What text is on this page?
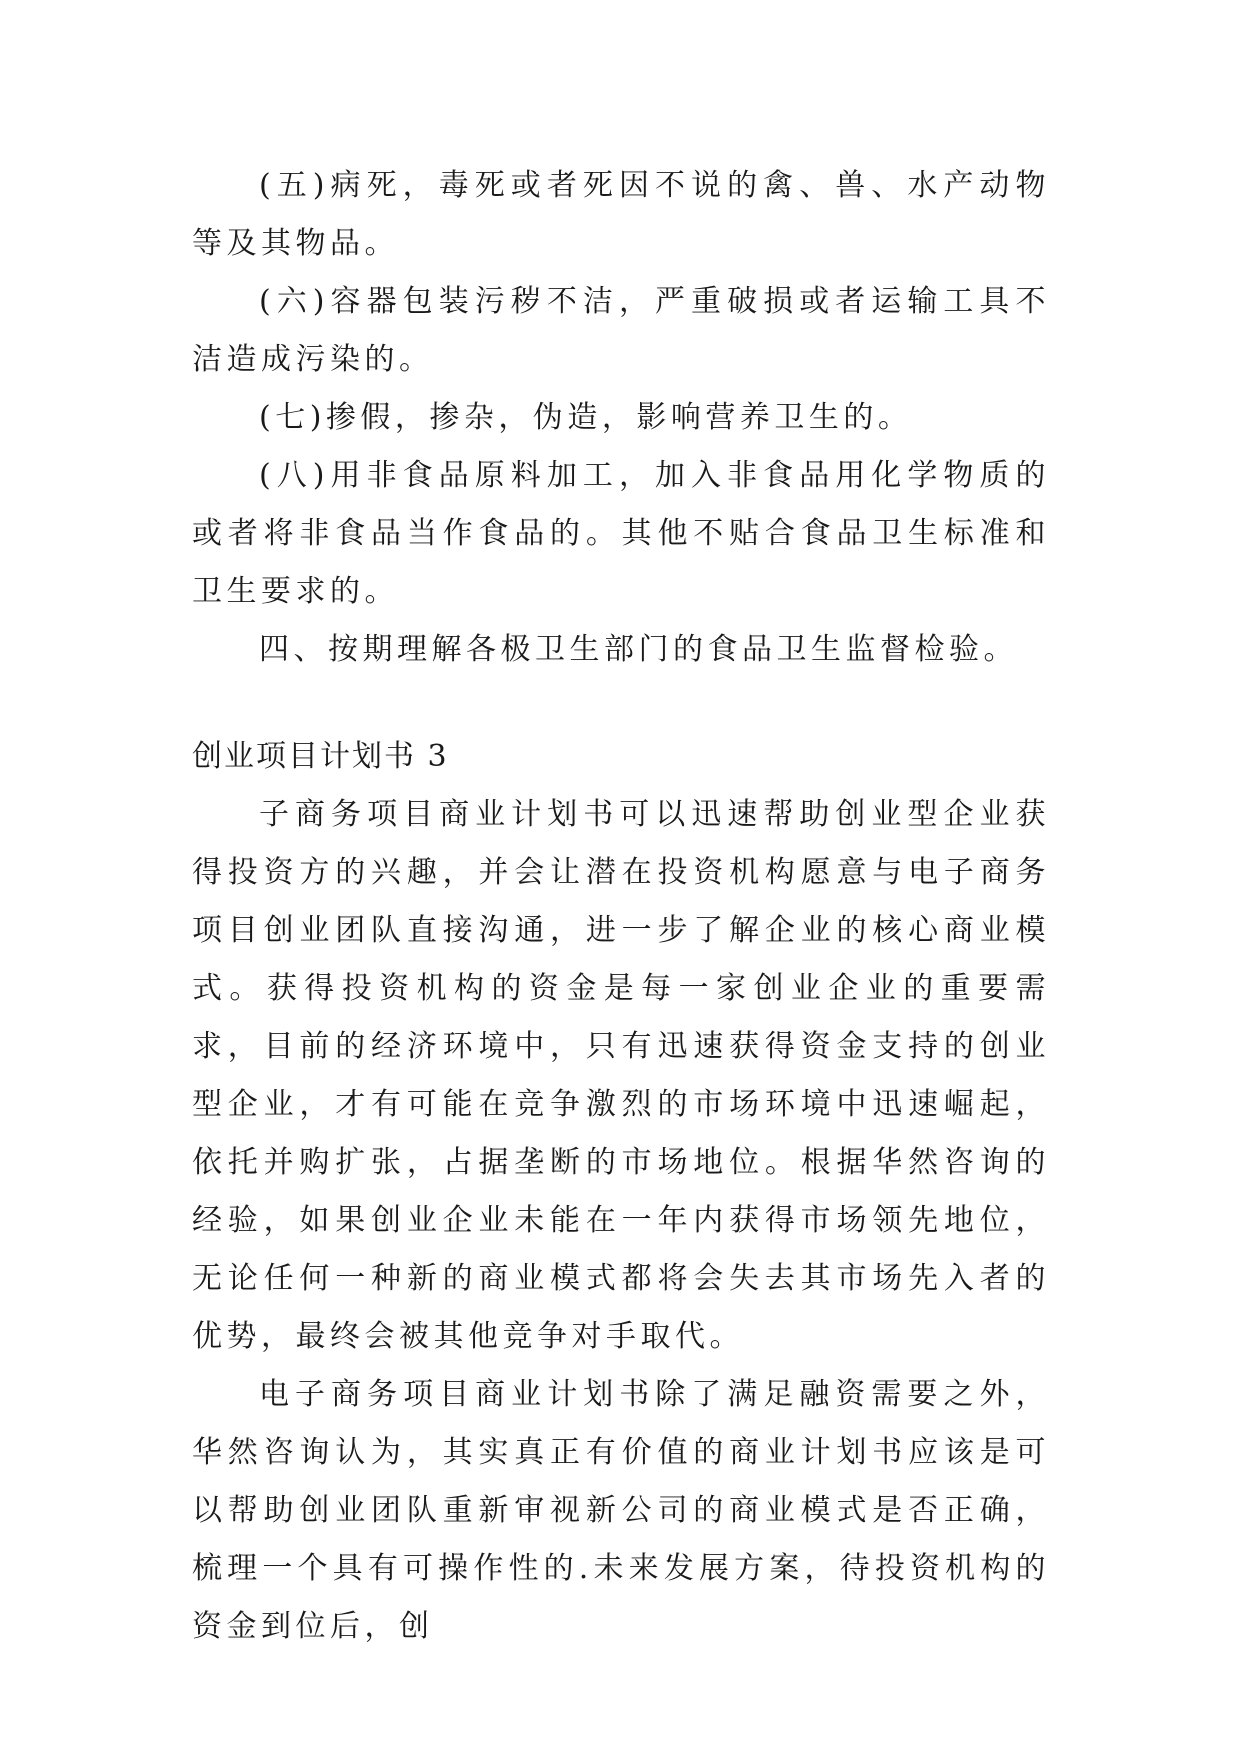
(五)病死，毒死或者死因不说的禽、兽、水产动物等及其物品。

(六)容器包装污秽不洁，严重破损或者运输工具不洁造成污染的。

(七)掺假，掺杂，伪造，影响营养卫生的。

(八)用非食品原料加工，加入非食品用化学物质的或者将非食品当作食品的。其他不贴合食品卫生标准和卫生要求的。

四、按期理解各极卫生部门的食品卫生监督检验。

创业项目计划书 3

子商务项目商业计划书可以迅速帮助创业型企业获得投资方的兴趣，并会让潜在投资机构愿意与电子商务项目创业团队直接沟通，进一步了解企业的核心商业模式。获得投资机构的资金是每一家创业企业的重要需求，目前的经济环境中，只有迅速获得资金支持的创业型企业，才有可能在竞争激烈的市场环境中迅速崛起，依托并购扩张，占据垄断的市场地位。根据华然咨询的经验，如果创业企业未能在一年内获得市场领先地位，无论任何一种新的商业模式都将会失去其市场先入者的优势，最终会被其他竞争对手取代。

电子商务项目商业计划书除了满足融资需要之外，华然咨询认为，其实真正有价值的商业计划书应该是可以帮助创业团队重新审视新公司的商业模式是否正确，梳理一个具有可操作性的.未来发展方案，待投资机构的资金到位后，创
